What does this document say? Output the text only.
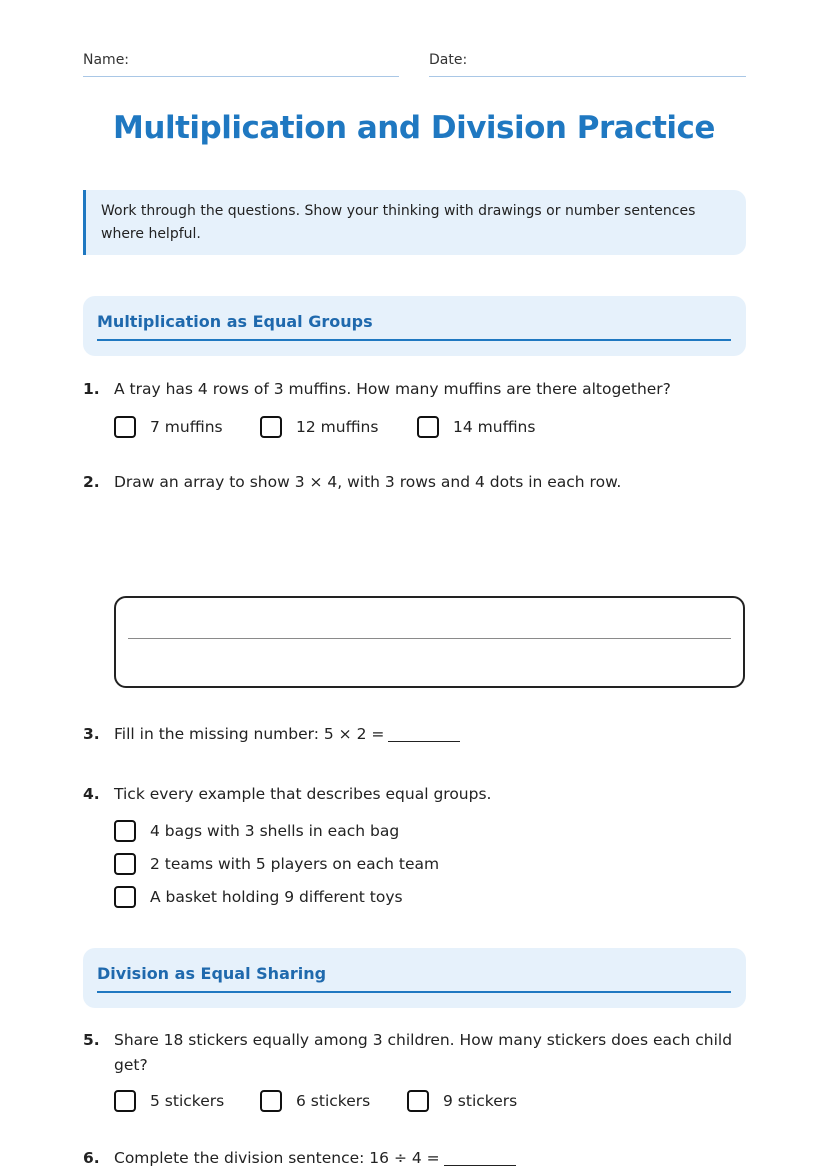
Name:	Date:
Multiplication and Division Practice
Work through the questions. Show your thinking with drawings or number sentences where helpful.
Multiplication as Equal Groups
1. A tray has 4 rows of 3 muffins. How many muffins are there altogether?
7 muffins	12 muffins	14 muffins
2. Draw an array to show 3 × 4, with 3 rows and 4 dots in each row.
3. Fill in the missing number: 5 × 2 =
4. Tick every example that describes equal groups.
4 bags with 3 shells in each bag
2 teams with 5 players on each team
A basket holding 9 different toys
Division as Equal Sharing
5. Share 18 stickers equally among 3 children. How many stickers does each child get?
5 stickers	6 stickers	9 stickers
6. Complete the division sentence: 16 ÷ 4 =
